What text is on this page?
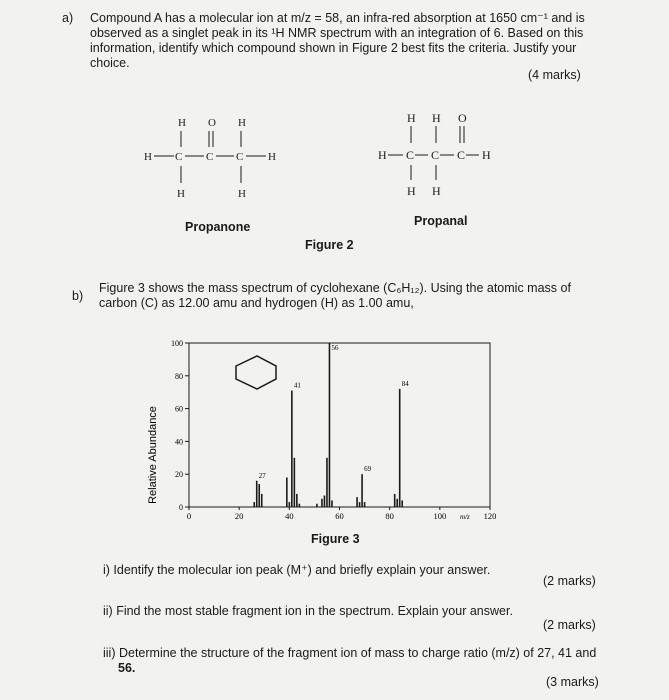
a) Compound A has a molecular ion at m/z = 58, an infra-red absorption at 1650 cm⁻¹ and is
observed as a singlet peak in its ¹H NMR spectrum with an integration of 6. Based on this
information, identify which compound shown in Figure 2 best fits the criteria. Justify your
choice.
(4 marks)
H O H
H C C C H
H	H
H H O
H C C C H
H H
Propanone	Propanal
Figure 2
b)
Figure 3 shows the mass spectrum of cyclohexane (C₆H₁₂). Using the atomic mass of
carbon (C) as 12.00 amu and hydrogen (H) as 1.00 amu,
Relative Abundance
0
20
40
60
80
100
0	20	40	60	80	100	120
m/z
27
41
56
69
84
Figure 3
i) Identify the molecular ion peak (M⁺) and briefly explain your answer.
(2 marks)
ii) Find the most stable fragment ion in the spectrum. Explain your answer.
(2 marks)
iii) Determine the structure of the fragment ion of mass to charge ratio (m/z) of 27, 41 and
56.
(3 marks)
